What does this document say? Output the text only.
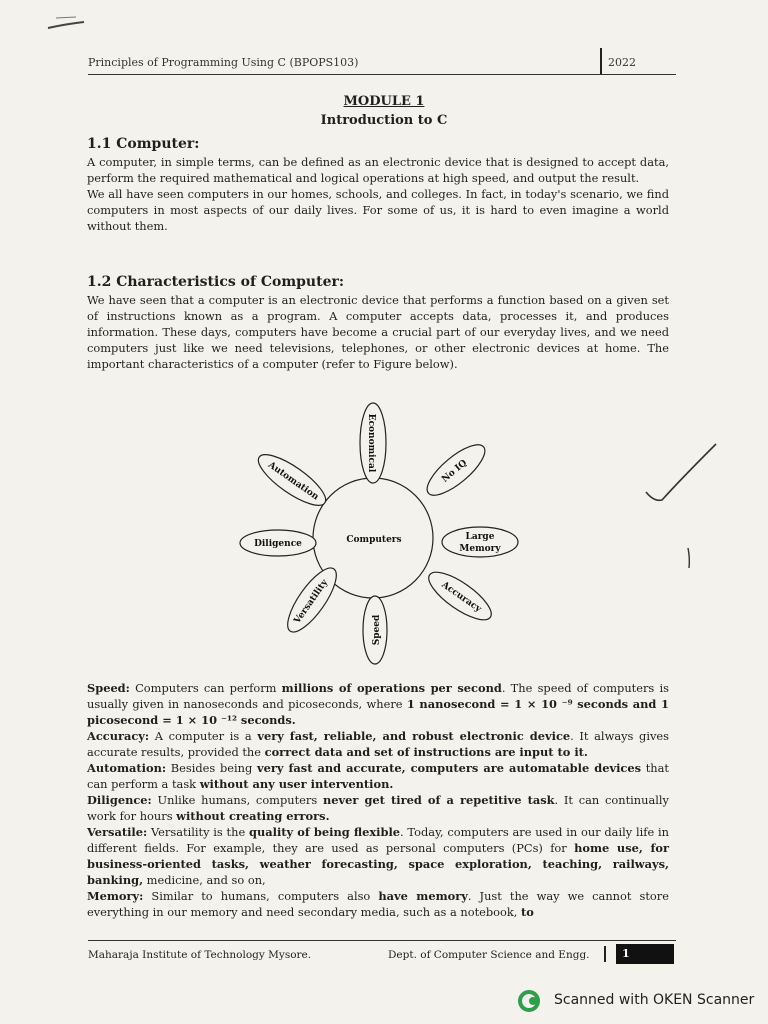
Principles of Programming Using C (BPOPS103)	2022
MODULE 1
Introduction to C
1.1 Computer:

A computer, in simple terms, can be defined as an electronic device that is designed to accept data, perform the required mathematical and logical operations at high speed, and output the result.

We all have seen computers in our homes, schools, and colleges. In fact, in today's scenario, we find computers in most aspects of our daily lives. For some of us, it is hard to even imagine a world without them.

1.2 Characteristics of Computer:

We have seen that a computer is an electronic device that performs a function based on a given set of instructions known as a program. A computer accepts data, processes it, and produces information. These days, computers have become a crucial part of our everyday lives, and we need computers just like we need televisions, telephones, or other electronic devices at home. The important characteristics of a computer (refer to Figure below).

Computers
Economical	No IQ
Large
Memory
Accuracy
Speed
Versatility
Diligence
Automation

Speed: Computers can perform millions of operations per second. The speed of computers is usually given in nanoseconds and picoseconds, where 1 nanosecond = 1 × 10 ⁻⁹ seconds and 1 picosecond = 1 × 10 ⁻¹² seconds.

Accuracy: A computer is a very fast, reliable, and robust electronic device. It always gives accurate results, provided the correct data and set of instructions are input to it.

Automation: Besides being very fast and accurate, computers are automatable devices that can perform a task without any user intervention.

Diligence: Unlike humans, computers never get tired of a repetitive task. It can continually work for hours without creating errors.

Versatile: Versatility is the quality of being flexible. Today, computers are used in our daily life in different fields. For example, they are used as personal computers (PCs) for home use, for business-oriented tasks, weather forecasting, space exploration, teaching, railways, banking, medicine, and so on,

Memory: Similar to humans, computers also have memory. Just the way we cannot store everything in our memory and need secondary media, such as a notebook, to

Maharaja Institute of Technology Mysore.	Dept. of Computer Science and Engg.	1
Scanned with OKEN Scanner
